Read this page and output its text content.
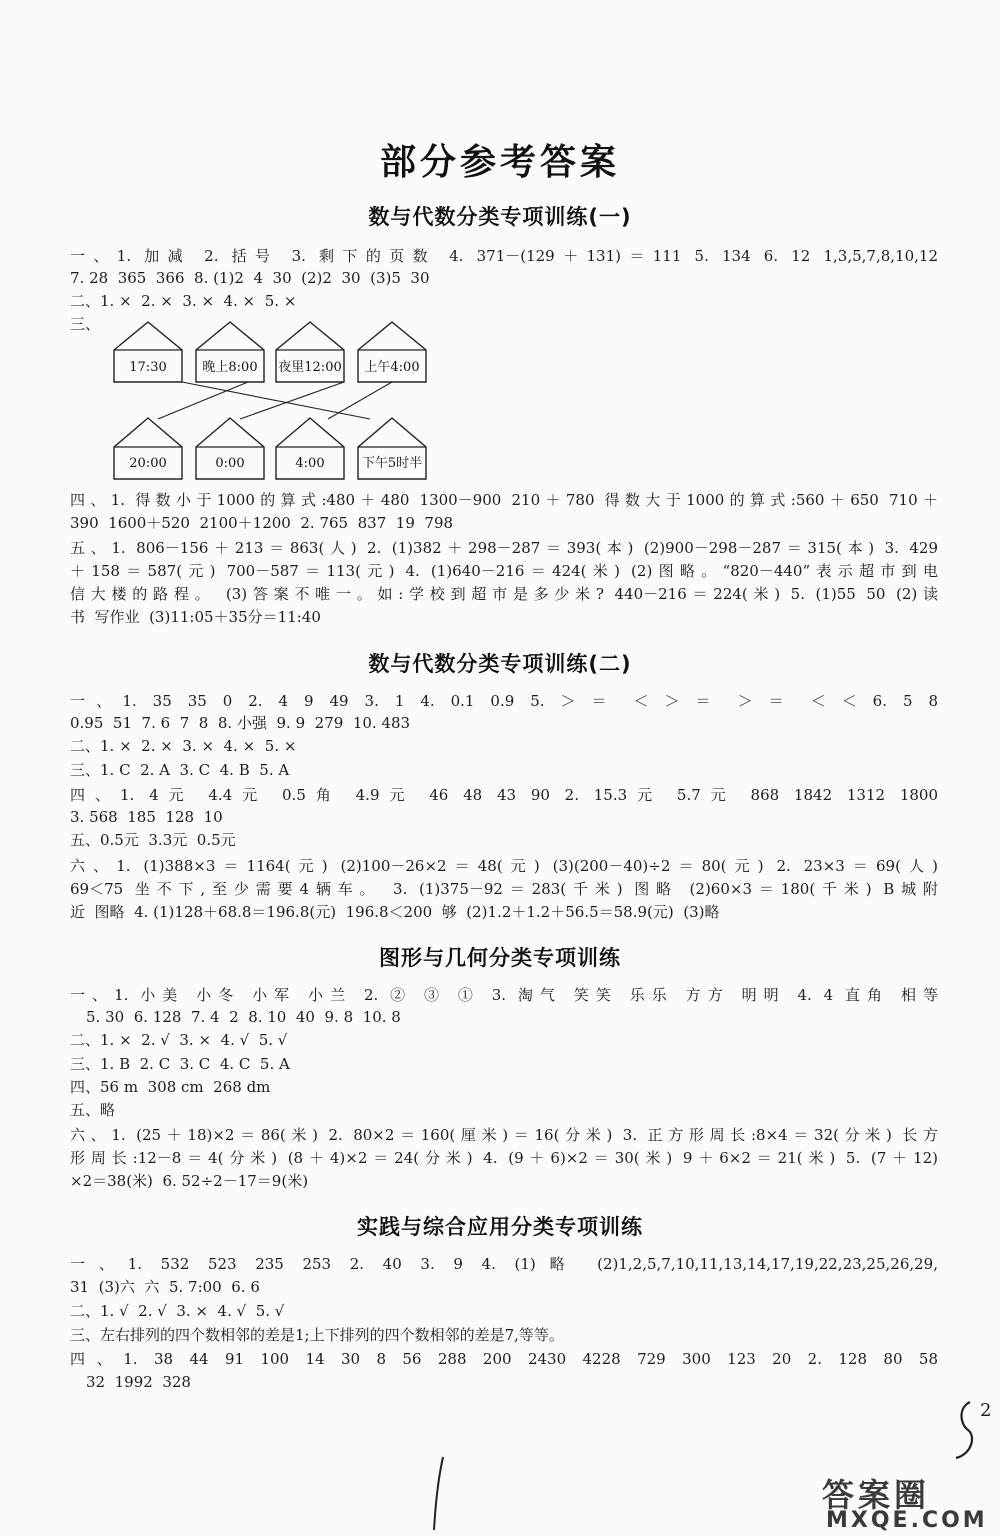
部分参考答案
数与代数分类专项训练(一)
一、1. 加减 2. 括号 3. 剩下的页数 4. 371－(129＋131)＝111 5. 134 6. 12 1,3,5,7,8,10,12
7. 28  365  366  8. (1)2  4  30  (2)2  30  (3)5  30
二、1. ×  2. ×  3. ×  4. ×  5. ×
三、
17:30	晚上8:00 夜里12:00 上午4:00
20:00	0:00	4:00	下午5时半
四、1. 得数小于1000的算式:480＋480 1300－900 210＋780 得数大于1000的算式:560＋650 710＋
390  1600＋520  2100＋1200  2. 765  837  19  798
五、1. 806－156＋213＝863(人) 2. (1)382＋298－287＝393(本) (2)900－298－287＝315(本) 3. 429
＋158＝587(元) 700－587＝113(元) 4. (1)640－216＝424(米) (2)图略。“820－440”表示超市到电
信大楼的路程。 (3)答案不唯一。如:学校到超市是多少米? 440－216＝224(米) 5. (1)55 50 (2)读
书  写作业  (3)11:05＋35分＝11:40
数与代数分类专项训练(二)
一、1. 35 35 0 2. 4 9 49 3. 1 4. 0.1 0.9 5. ＞ ＝ ＜ ＞ ＝ ＞ ＝ ＜ ＜ 6. 5 8
0.95  51  7. 6  7  8  8. 小强  9. 9  279  10. 483
二、1. ×  2. ×  3. ×  4. ×  5. ×
三、1. C  2. A  3. C  4. B  5. A
四、1. 4元 4.4元 0.5角 4.9元 46 48 43 90 2. 15.3元 5.7元 868 1842 1312 1800
3. 568  185  128  10
五、0.5元  3.3元  0.5元
六、1. (1)388×3＝1164(元) (2)100－26×2＝48(元) (3)(200－40)÷2＝80(元) 2. 23×3＝69(人)
69＜75 坐不下,至少需要4辆车。 3. (1)375－92＝283(千米) 图略 (2)60×3＝180(千米) B城附
近  图略  4. (1)128＋68.8＝196.8(元)  196.8＜200  够  (2)1.2＋1.2＋56.5＝58.9(元)  (3)略
图形与几何分类专项训练
一、1. 小美 小冬 小军 小兰 2. ② ③ ① 3. 淘气 笑笑 乐乐 方方 明明 4. 4 直角 相等
5. 30  6. 128  7. 4  2  8. 10  40  9. 8  10. 8
二、1. ×  2. √  3. ×  4. √  5. √
三、1. B  2. C  3. C  4. C  5. A
四、56 m  308 cm  268 dm
五、略
六、1. (25＋18)×2＝86(米) 2. 80×2＝160(厘米)＝16(分米) 3. 正方形周长:8×4＝32(分米) 长方
形周长:12－8＝4(分米) (8＋4)×2＝24(分米) 4. (9＋6)×2＝30(米) 9＋6×2＝21(米) 5. (7＋12)
×2＝38(米)  6. 52÷2－17＝9(米)
实践与综合应用分类专项训练
一、1. 532 523 235 253 2. 40 3. 9 4. (1)略 (2)1,2,5,7,10,11,13,14,17,19,22,23,25,26,29,
31  (3)六  六  5. 7:00  6. 6
二、1. √  2. √  3. ×  4. √  5. √
三、左右排列的四个数相邻的差是1;上下排列的四个数相邻的差是7,等等。
四、1. 38 44 91 100 14 30 8 56 288 200 2430 4228 729 300 123 20 2. 128 80 58
32  1992  328
2
答案圈
MXQE.COM
